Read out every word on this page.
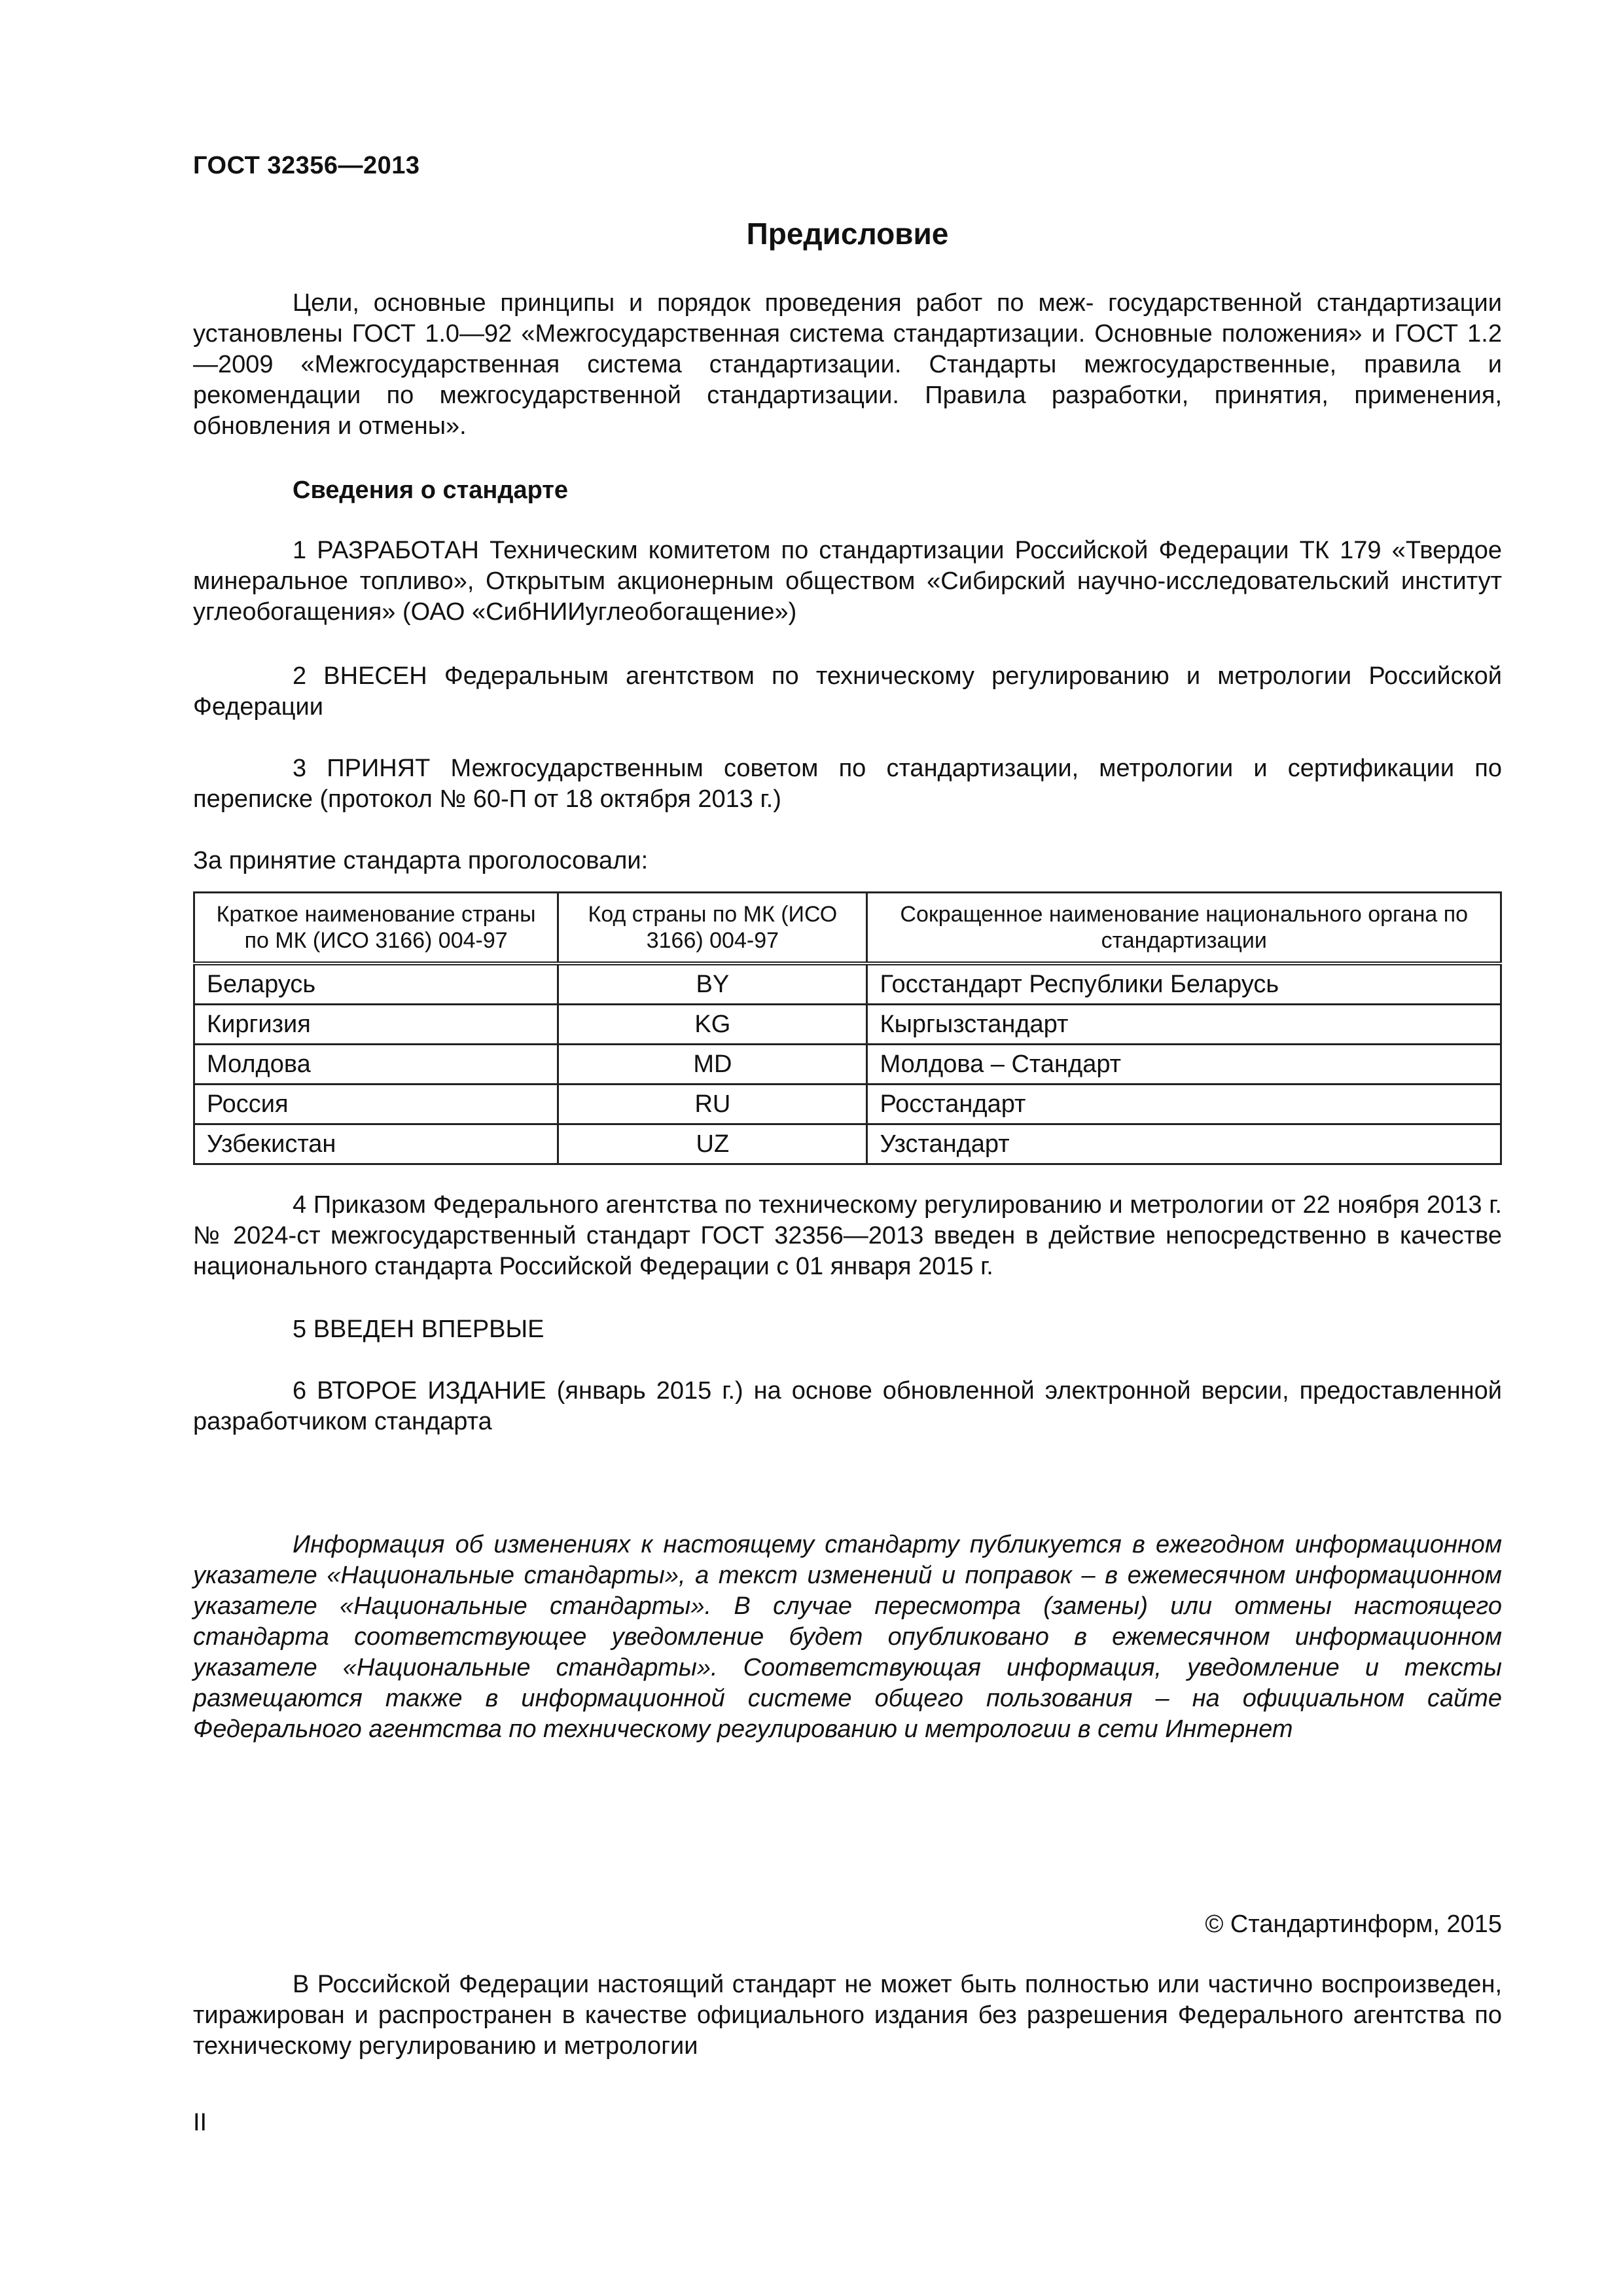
ГОСТ 32356—2013
Предисловие
Цели, основные принципы и порядок проведения работ по меж- государственной стандартизации установлены ГОСТ 1.0—92 «Межгосударственная система стандартизации. Основные положения» и ГОСТ 1.2—2009 «Межгосударственная система стандартизации. Стандарты межгосударственные, правила и рекомендации по межгосударственной стандартизации. Правила разработки, принятия, применения, обновления и отмены».
Сведения о стандарте
1 РАЗРАБОТАН Техническим комитетом по стандартизации Российской Федерации ТК 179 «Твердое минеральное топливо», Открытым акционерным обществом «Сибирский научно-исследовательский институт углеобогащения» (ОАО «СибНИИуглеобогащение»)
2 ВНЕСЕН Федеральным агентством по техническому регулированию и метрологии Российской Федерации
3 ПРИНЯТ Межгосударственным советом по стандартизации, метрологии и сертификации по переписке (протокол № 60-П от 18 октября 2013 г.)
За принятие стандарта проголосовали:
Краткое наименование страны по МК (ИСО 3166) 004-97	Код страны по МК (ИСО 3166) 004-97	Сокращенное наименование национального органа по стандартизации
Беларусь	BY	Госстандарт Республики Беларусь
Киргизия	KG	Кыргызстандарт
Молдова	MD	Молдова – Стандарт
Россия	RU	Росстандарт
Узбекистан	UZ	Узстандарт
4 Приказом Федерального агентства по техническому регулированию и метрологии от 22 ноября 2013 г. № 2024-ст межгосударственный стандарт ГОСТ 32356—2013 введен в действие непосредственно в качестве национального стандарта Российской Федерации с 01 января 2015 г.
5 ВВЕДЕН ВПЕРВЫЕ
6 ВТОРОЕ ИЗДАНИЕ (январь 2015 г.) на основе обновленной электронной версии, предоставленной разработчиком стандарта
Информация об изменениях к настоящему стандарту публикуется в ежегодном информационном указателе «Национальные стандарты», а текст изменений и поправок – в ежемесячном информационном указателе «Национальные стандарты». В случае пересмотра (замены) или отмены настоящего стандарта соответствующее уведомление будет опубликовано в ежемесячном информационном указателе «Национальные стандарты». Соответствующая информация, уведомление и тексты размещаются также в информационной системе общего пользования – на официальном сайте Федерального агентства по техническому регулированию и метрологии в сети Интернет
© Стандартинформ, 2015
В Российской Федерации настоящий стандарт не может быть полностью или частично воспроизведен, тиражирован и распространен в качестве официального издания без разрешения Федерального агентства по техническому регулированию и метрологии
II
